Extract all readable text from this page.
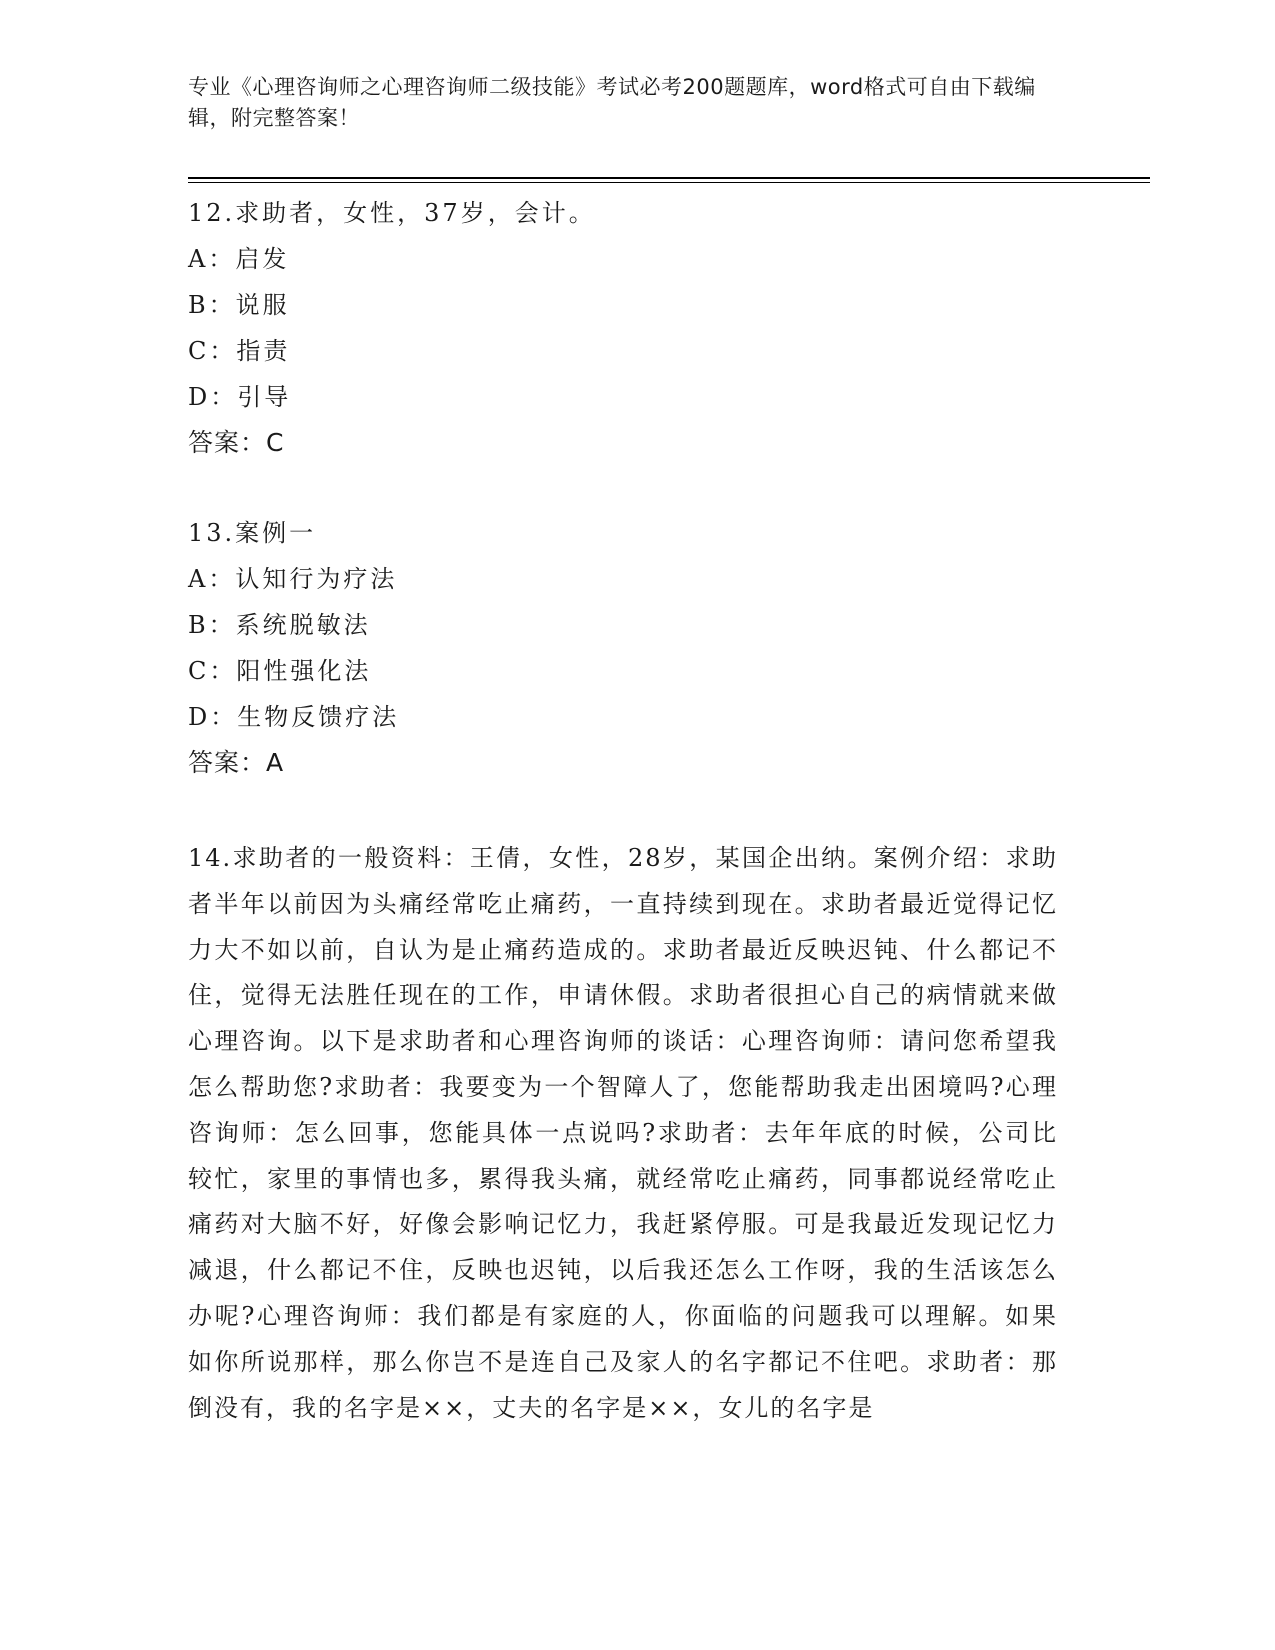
专业《心理咨询师之心理咨询师二级技能》考试必考200题题库，word格式可自由下载编辑，附完整答案！
12.求助者，女性，37岁，会计。
A：启发
B：说服
C：指责
D：引导
答案：C
13.案例一
A：认知行为疗法
B：系统脱敏法
C：阳性强化法
D：生物反馈疗法
答案：A
14.求助者的一般资料：王倩，女性，28岁，某国企出纳。案例介绍：求助者半年以前因为头痛经常吃止痛药，一直持续到现在。求助者最近觉得记忆力大不如以前，自认为是止痛药造成的。求助者最近反映迟钝、什么都记不住，觉得无法胜任现在的工作，申请休假。求助者很担心自己的病情就来做心理咨询。以下是求助者和心理咨询师的谈话：心理咨询师：请问您希望我怎么帮助您?求助者：我要变为一个智障人了，您能帮助我走出困境吗?心理咨询师：怎么回事，您能具体一点说吗?求助者：去年年底的时候，公司比较忙，家里的事情也多，累得我头痛，就经常吃止痛药，同事都说经常吃止痛药对大脑不好，好像会影响记忆力，我赶紧停服。可是我最近发现记忆力减退，什么都记不住，反映也迟钝，以后我还怎么工作呀，我的生活该怎么办呢?心理咨询师：我们都是有家庭的人，你面临的问题我可以理解。如果如你所说那样，那么你岂不是连自己及家人的名字都记不住吧。求助者：那倒没有，我的名字是××，丈夫的名字是××，女儿的名字是
